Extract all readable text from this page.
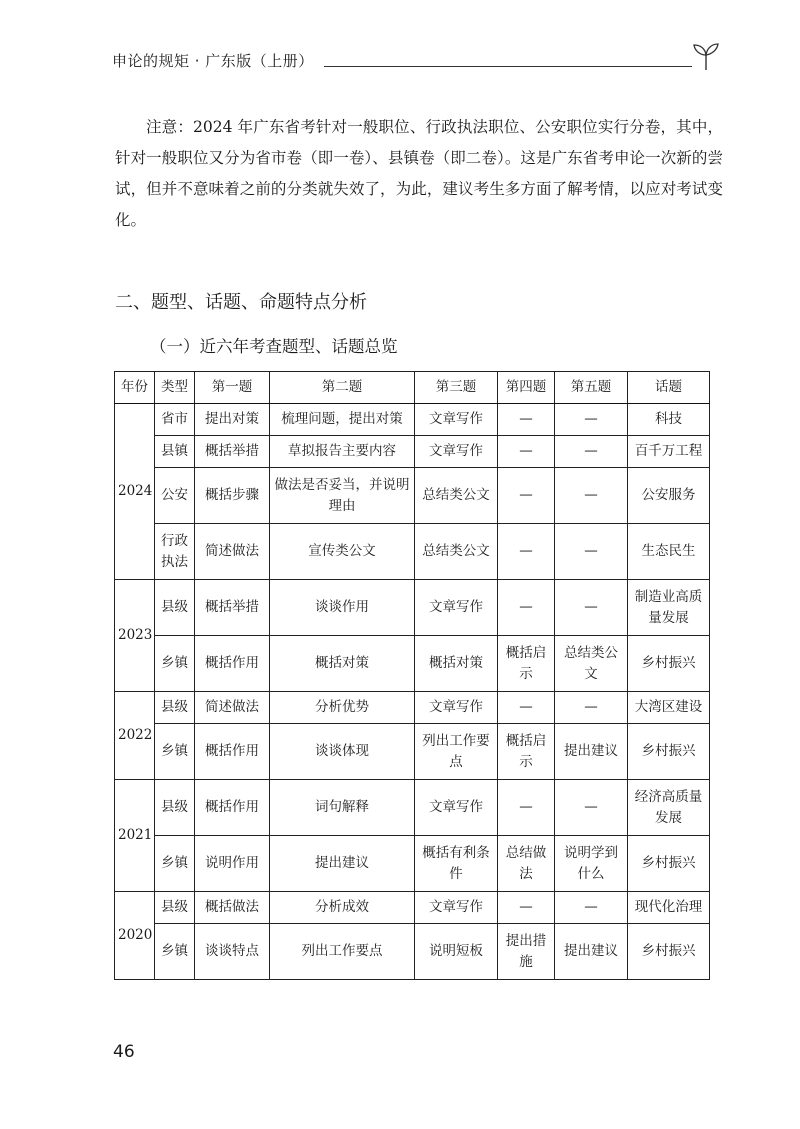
申论的规矩 · 广东版（上册）

注意：2024 年广东省考针对一般职位、行政执法职位、公安职位实行分卷，其中，针对一般职位又分为省市卷（即一卷）、县镇卷（即二卷）。这是广东省考申论一次新的尝试，但并不意味着之前的分类就失效了，为此，建议考生多方面了解考情，以应对考试变化。

二、题型、话题、命题特点分析
（一）近六年考查题型、话题总览
年份	类型	第一题	第二题	第三题	第四题	第五题	话题
2024	省市	提出对策	梳理问题，提出对策	文章写作	—	—	科技
	县镇	概括举措	草拟报告主要内容	文章写作	—	—	百千万工程
	公安	概括步骤	做法是否妥当，并说明理由	总结类公文	—	—	公安服务
	行政执法	简述做法	宣传类公文	总结类公文	—	—	生态民生
2023	县级	概括举措	谈谈作用	文章写作	—	—	制造业高质量发展
	乡镇	概括作用	概括对策	概括对策	概括启示	总结类公文	乡村振兴
2022	县级	简述做法	分析优势	文章写作	—	—	大湾区建设
	乡镇	概括作用	谈谈体现	列出工作要点	概括启示	提出建议	乡村振兴
2021	县级	概括作用	词句解释	文章写作	—	—	经济高质量发展
	乡镇	说明作用	提出建议	概括有利条件	总结做法	说明学到什么	乡村振兴
2020	县级	概括做法	分析成效	文章写作	—	—	现代化治理
	乡镇	谈谈特点	列出工作要点	说明短板	提出措施	提出建议	乡村振兴
46
